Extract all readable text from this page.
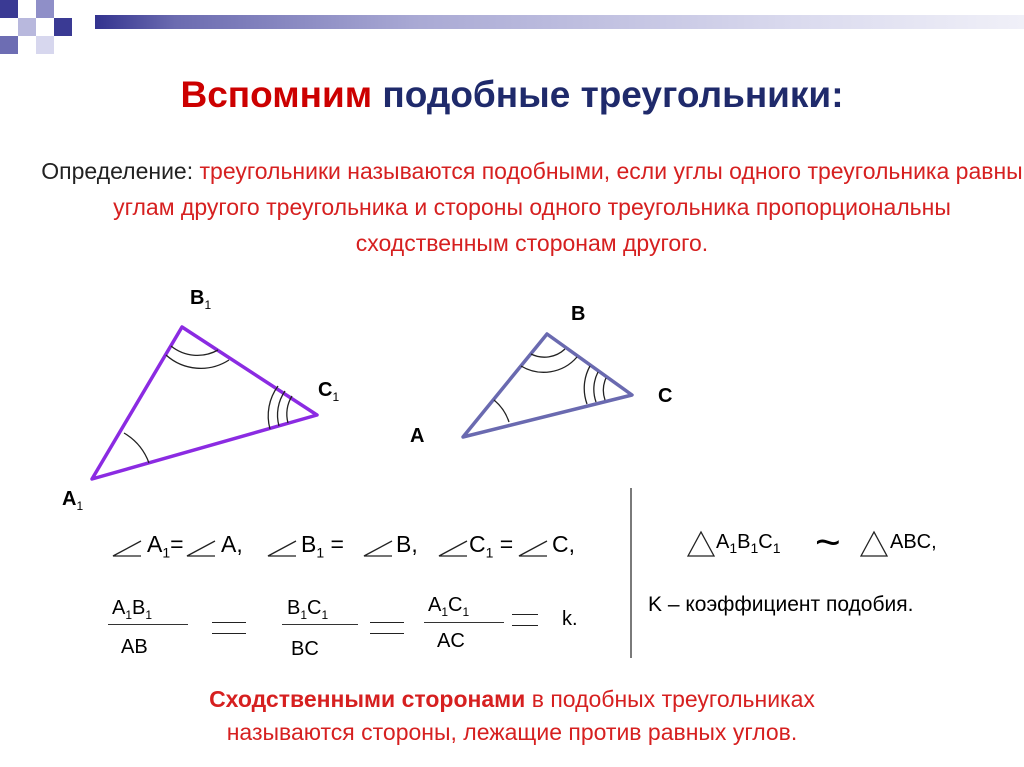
Вспомним подобные треугольники:
Определение: треугольники называются подобными, если углы одного треугольника равны углам другого треугольника и стороны одного треугольника пропорциональны сходственным сторонам другого.
$B_1$
$C_1$
$A_1$
B
C
A
$A_1= A$,	$B_1 = B$, $C_1 = C$,	$A_1B_1C_1$ ~ ABC,
$A_1B_1$
AB
$B_1C_1$
BC
$A_1C_1$
AC
k.
K – коэффициент подобия.
Сходственными сторонами в подобных треугольниках
называются стороны, лежащие против равных углов.
